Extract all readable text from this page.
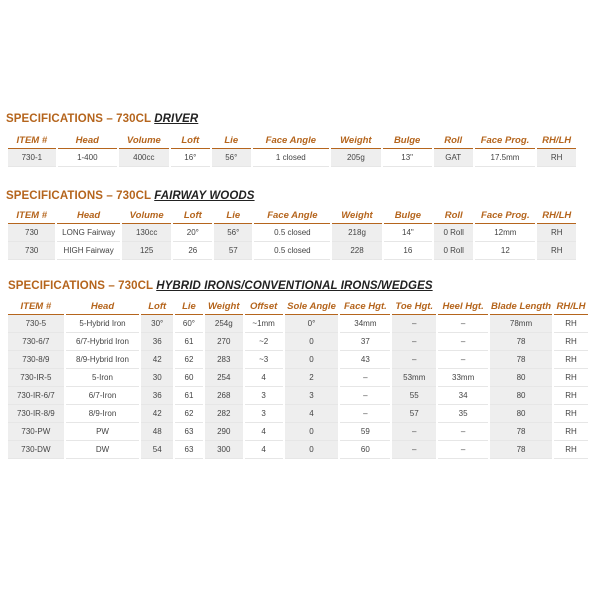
SPECIFICATIONS – 730CL DRIVER
ITEM #	Head	Volume	Loft	Lie	Face Angle	Weight	Bulge	Roll	Face Prog.	RH/LH
730-1	1-400	400cc	16°	56°	1 closed	205g	13"	GAT	17.5mm	RH
SPECIFICATIONS – 730CL FAIRWAY WOODS
ITEM #	Head	Volume	Loft	Lie	Face Angle	Weight	Bulge	Roll	Face Prog.	RH/LH
730	LONG Fairway	130cc	20°	56°	0.5 closed	218g	14"	0 Roll	12mm	RH
730	HIGH Fairway	125	26	57	0.5 closed	228	16	0 Roll	12	RH
SPECIFICATIONS – 730CL HYBRID IRONS/CONVENTIONAL IRONS/WEDGES
ITEM #	Head	Loft	Lie	Weight	Offset	Sole Angle	Face Hgt.	Toe Hgt.	Heel Hgt.	Blade Length	RH/LH
730-5	5-Hybrid Iron	30°	60°	254g	~1mm	0°	34mm	–	–	78mm	RH
730-6/7	6/7-Hybrid Iron	36	61	270	~2	0	37	–	–	78	RH
730-8/9	8/9-Hybrid Iron	42	62	283	~3	0	43	–	–	78	RH
730-IR-5	5-Iron	30	60	254	4	2	–	53mm	33mm	80	RH
730-IR-6/7	6/7-Iron	36	61	268	3	3	–	55	34	80	RH
730-IR-8/9	8/9-Iron	42	62	282	3	4	–	57	35	80	RH
730-PW	PW	48	63	290	4	0	59	–	–	78	RH
730-DW	DW	54	63	300	4	0	60	–	–	78	RH
